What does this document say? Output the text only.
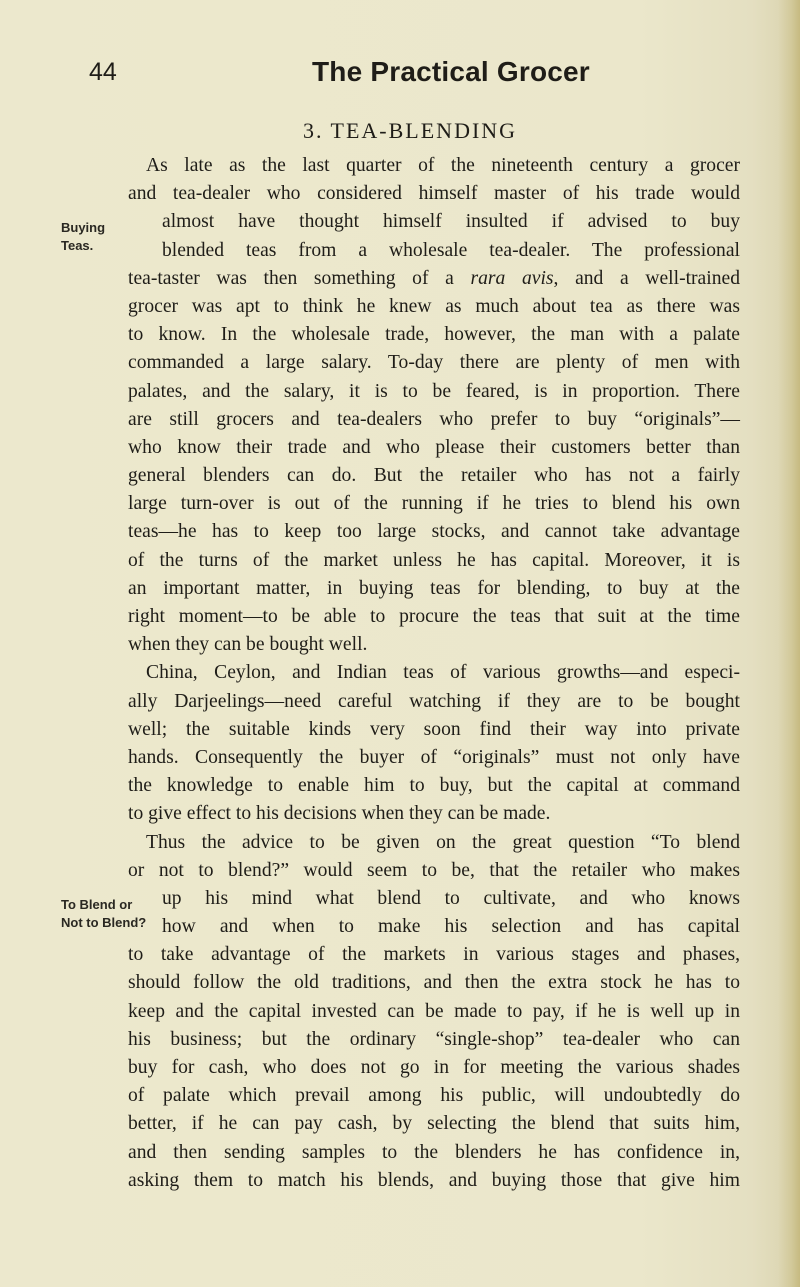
44	The Practical Grocer
3. TEA-BLENDING
Buying
Teas.
To Blend or
Not to Blend?
As late as the last quarter of the nineteenth century a grocer
and tea-dealer who considered himself master of his trade would
almost have thought himself insulted if advised to buy
blended teas from a wholesale tea-dealer. The professional
tea-taster was then something of a rara avis, and a well-trained
grocer was apt to think he knew as much about tea as there was
to know. In the wholesale trade, however, the man with a palate
commanded a large salary. To-day there are plenty of men with
palates, and the salary, it is to be feared, is in proportion. There
are still grocers and tea-dealers who prefer to buy “originals”—
who know their trade and who please their customers better than
general blenders can do. But the retailer who has not a fairly
large turn-over is out of the running if he tries to blend his own
teas—he has to keep too large stocks, and cannot take advantage
of the turns of the market unless he has capital. Moreover, it is
an important matter, in buying teas for blending, to buy at the
right moment—to be able to procure the teas that suit at the time
when they can be bought well.
China, Ceylon, and Indian teas of various growths—and especi-
ally Darjeelings—need careful watching if they are to be bought
well; the suitable kinds very soon find their way into private
hands. Consequently the buyer of “originals” must not only have
the knowledge to enable him to buy, but the capital at command
to give effect to his decisions when they can be made.
Thus the advice to be given on the great question “To blend
or not to blend?” would seem to be, that the retailer who makes
up his mind what blend to cultivate, and who knows
how and when to make his selection and has capital
to take advantage of the markets in various stages and phases,
should follow the old traditions, and then the extra stock he has to
keep and the capital invested can be made to pay, if he is well up in
his business; but the ordinary “single-shop” tea-dealer who can
buy for cash, who does not go in for meeting the various shades
of palate which prevail among his public, will undoubtedly do
better, if he can pay cash, by selecting the blend that suits him,
and then sending samples to the blenders he has confidence in,
asking them to match his blends, and buying those that give him
